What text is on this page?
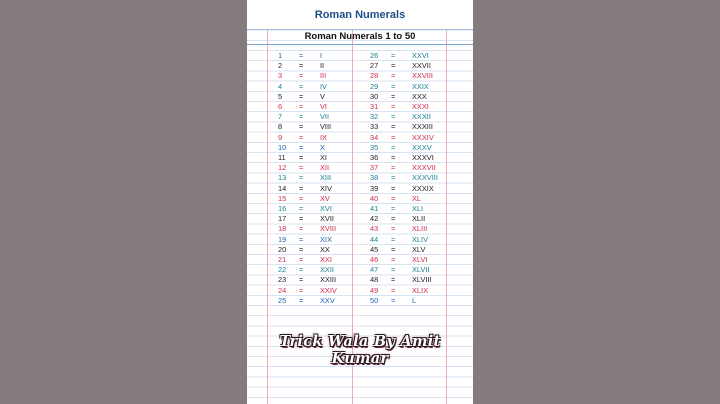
Roman Numerals
Roman Numerals 1 to 50
1 = I
2 = II
3 = III
4 = IV
5 = V
6 = VI
7 = VII
8 = VIII
9 = IX
10 = X
11 = XI
12 = XII
13 = XIII
14 = XIV
15 = XV
16 = XVI
17 = XVII
18 = XVIII
19 = XIX
20 = XX
21 = XXI
22 = XXII
23 = XXIII
24 = XXIV
25 = XXV
26 = XXVI
27 = XXVII
28 = XXVIII
29 = XXIX
30 = XXX
31 = XXXI
32 = XXXII
33 = XXXIII
34 = XXXIV
35 = XXXV
36 = XXXVI
37 = XXXVII
38 = XXXVIII
39 = XXXIX
40 = XL
41 = XLI
42 = XLII
43 = XLIII
44 = XLIV
45 = XLV
46 = XLVI
47 = XLVII
48 = XLVIII
49 = XLIX
50 = L
Trick Wala By Amit Kumar
